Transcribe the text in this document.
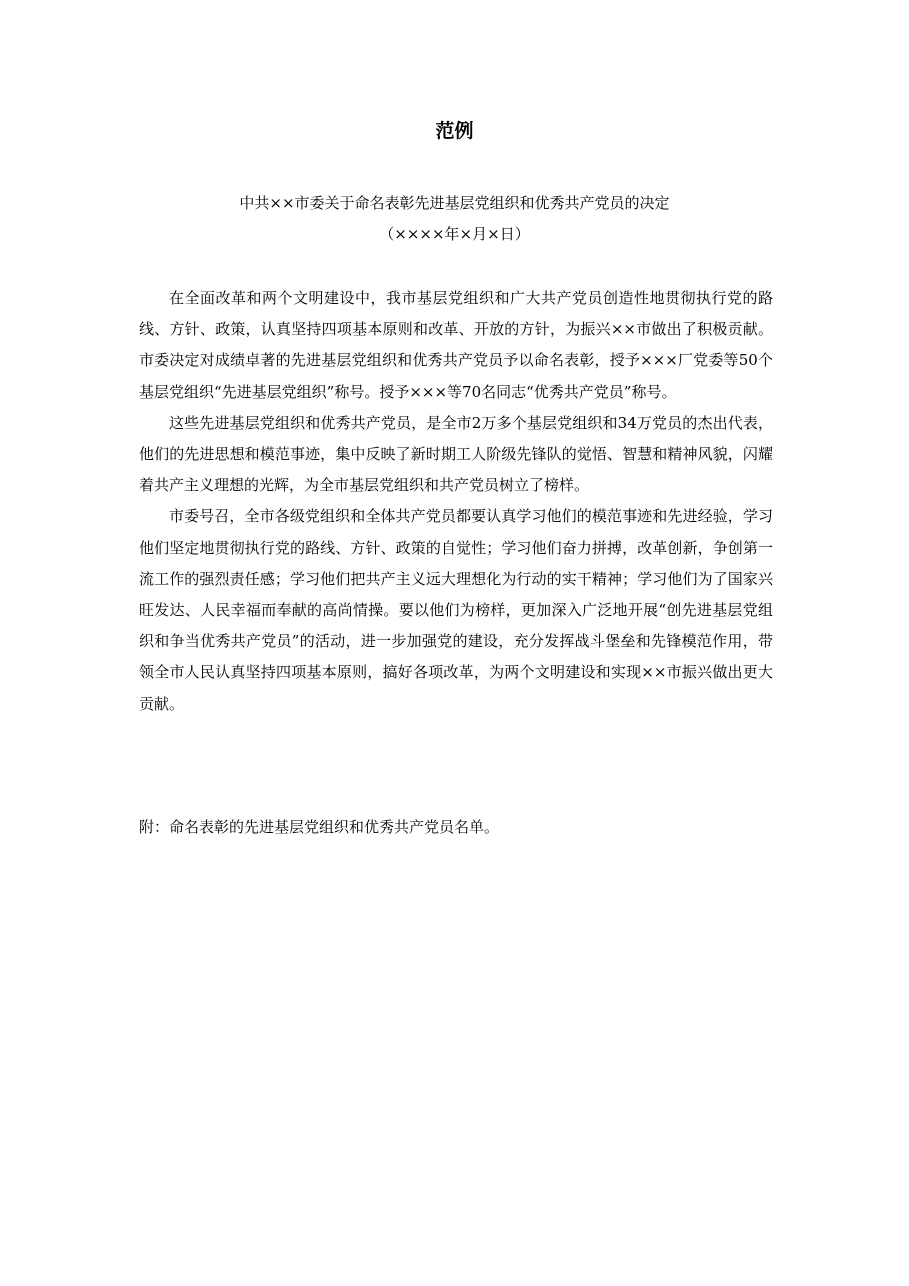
范例
中共××市委关于命名表彰先进基层党组织和优秀共产党员的决定
（××××年×月×日）

在全面改革和两个文明建设中，我市基层党组织和广大共产党员创造性地贯彻执行党的路线、方针、政策，认真坚持四项基本原则和改革、开放的方针，为振兴××市做出了积极贡献。市委决定对成绩卓著的先进基层党组织和优秀共产党员予以命名表彰，授予×××厂党委等50个基层党组织“先进基层党组织”称号。授予×××等70名同志“优秀共产党员”称号。

这些先进基层党组织和优秀共产党员，是全市2万多个基层党组织和34万党员的杰出代表，他们的先进思想和模范事迹，集中反映了新时期工人阶级先锋队的觉悟、智慧和精神风貌，闪耀着共产主义理想的光辉，为全市基层党组织和共产党员树立了榜样。

市委号召，全市各级党组织和全体共产党员都要认真学习他们的模范事迹和先进经验，学习他们坚定地贯彻执行党的路线、方针、政策的自觉性；学习他们奋力拼搏，改革创新，争创第一流工作的强烈责任感；学习他们把共产主义远大理想化为行动的实干精神；学习他们为了国家兴旺发达、人民幸福而奉献的高尚情操。要以他们为榜样，更加深入广泛地开展“创先进基层党组织和争当优秀共产党员”的活动，进一步加强党的建设，充分发挥战斗堡垒和先锋模范作用，带领全市人民认真坚持四项基本原则，搞好各项改革，为两个文明建设和实现××市振兴做出更大贡献。

附：命名表彰的先进基层党组织和优秀共产党员名单。
